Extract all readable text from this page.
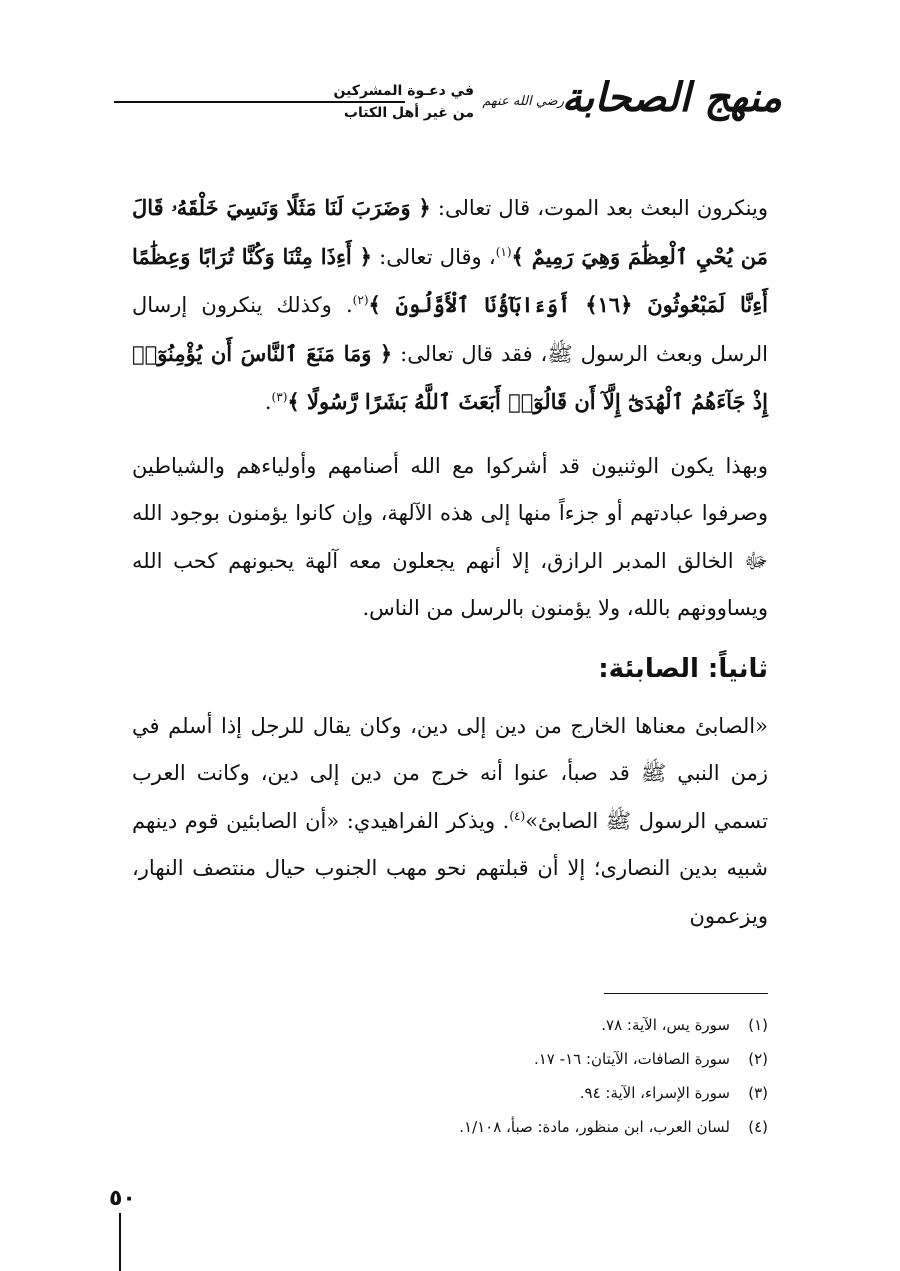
منهج الصحابة
رضي الله عنهم
في دعـوة المشركين
من غير أهل الكتاب

وينكرون البعث بعد الموت، قال تعالى: ﴿ وَضَرَبَ لَنَا مَثَلًا وَنَسِيَ خَلْقَهُۥ قَالَ مَن يُحْيِ ٱلْعِظَٰمَ وَهِيَ رَمِيمٌ ﴾$^{(١)}$، وقال تعالى: ﴿ أَءِذَا مِتْنَا وَكُنَّا تُرَابًا وَعِظَٰمًا أَءِنَّا لَمَبْعُوثُونَ ﴿١٦﴾ أَوَءَابَآؤُنَا ٱلْأَوَّلُونَ ﴾$^{(٢)}$. وكذلك ينكرون إرسال الرسل وبعث الرسول ﷺ، فقد قال تعالى: ﴿ وَمَا مَنَعَ ٱلنَّاسَ أَن يُؤْمِنُوٓا۟ إِذْ جَآءَهُمُ ٱلْهُدَىٰٓ إِلَّآ أَن قَالُوٓا۟ أَبَعَثَ ٱللَّهُ بَشَرًا رَّسُولًا ﴾$^{(٣)}$.

وبهذا يكون الوثنيون قد أشركوا مع الله أصنامهم وأولياءهم والشياطين وصرفوا عبادتهم أو جزءاً منها إلى هذه الآلهة، وإن كانوا يؤمنون بوجود الله ﷻ الخالق المدبر الرازق، إلا أنهم يجعلون معه آلهة يحبونهم كحب الله ويساوونهم بالله، ولا يؤمنون بالرسل من الناس.

ثانياً: الصابئة:

«الصابئ معناها الخارج من دين إلى دين، وكان يقال للرجل إذا أسلم في زمن النبي ﷺ قد صبأ، عنوا أنه خرج من دين إلى دين، وكانت العرب تسمي الرسول ﷺ الصابئ»$^{(٤)}$. ويذكر الفراهيدي: «أن الصابئين قوم دينهم شبيه بدين النصارى؛ إلا أن قبلتهم نحو مهب الجنوب حيال منتصف النهار، ويزعمون

(١)سورة يس، الآية: ٧٨.
(٢)سورة الصافات، الآيتان: ١٦- ١٧.
(٣)سورة الإسراء، الآية: ٩٤.
(٤)لسان العرب، ابن منظور، مادة: صبأ، ١/١٠٨.
٥٠
